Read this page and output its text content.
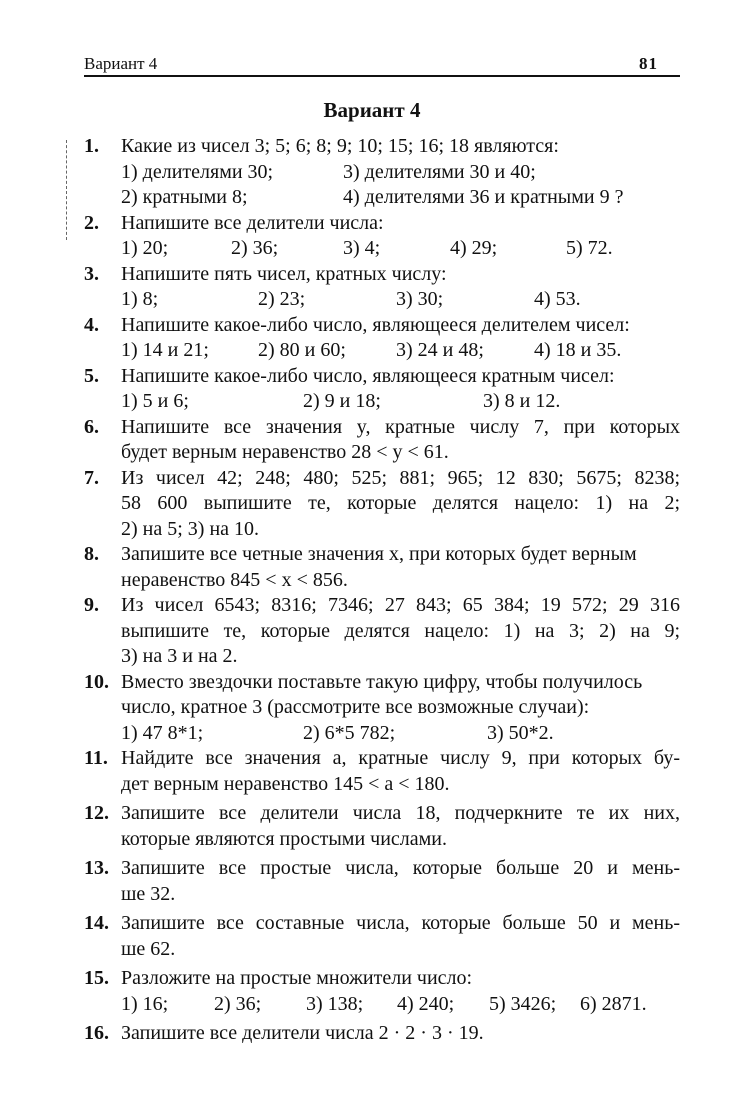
Вариант 4	81
Вариант 4
1. Какие из чисел 3; 5; 6; 8; 9; 10; 15; 16; 18 являются:
1) делителями 30;	3) делителями 30 и 40;
2) кратными 8;	4) делителями 36 и кратными 9 ?
2. Напишите все делители числа:
1) 20;	2) 36;	3) 4;	4) 29;	5) 72.
3. Напишите пять чисел, кратных числу:
1) 8;	2) 23;	3) 30;	4) 53.
4. Напишите какое-либо число, являющееся делителем чисел:
1) 14 и 21; 2) 80 и 60;	3) 24 и 48;	4) 18 и 35.
5. Напишите какое-либо число, являющееся кратным чисел:
1) 5 и 6;	2) 9 и 18;	3) 8 и 12.
6. Напишите все значения y, кратные числу 7, при которых
будет верным неравенство 28 < y < 61.
7. Из чисел 42; 248; 480; 525; 881; 965; 12 830; 5675; 8238;
58 600 выпишите те, которые делятся нацело: 1) на 2;
2) на 5; 3) на 10.
8. Запишите все четные значения x, при которых будет верным
неравенство 845 < x < 856.
9. Из чисел 6543; 8316; 7346; 27 843; 65 384; 19 572; 29 316
выпишите те, которые делятся нацело: 1) на 3; 2) на 9;
3) на 3 и на 2.
10. Вместо звездочки поставьте такую цифру, чтобы получилось
число, кратное 3 (рассмотрите все возможные случаи):
1) 47 8*1;	2) 6*5 782;	3) 50*2.
11. Найдите все значения a, кратные числу 9, при которых бу-
дет верным неравенство 145 < a < 180.
12. Запишите все делители числа 18, подчеркните те их них,
которые являются простыми числами.
13. Запишите все простые числа, которые больше 20 и мень-
ше 32.
14. Запишите все составные числа, которые больше 50 и мень-
ше 62.
15. Разложите на простые множители число:
1) 16; 2) 36; 3) 138; 4) 240; 5) 3426; 6) 2871.
16. Запишите все делители числа 2 · 2 · 3 · 19.
